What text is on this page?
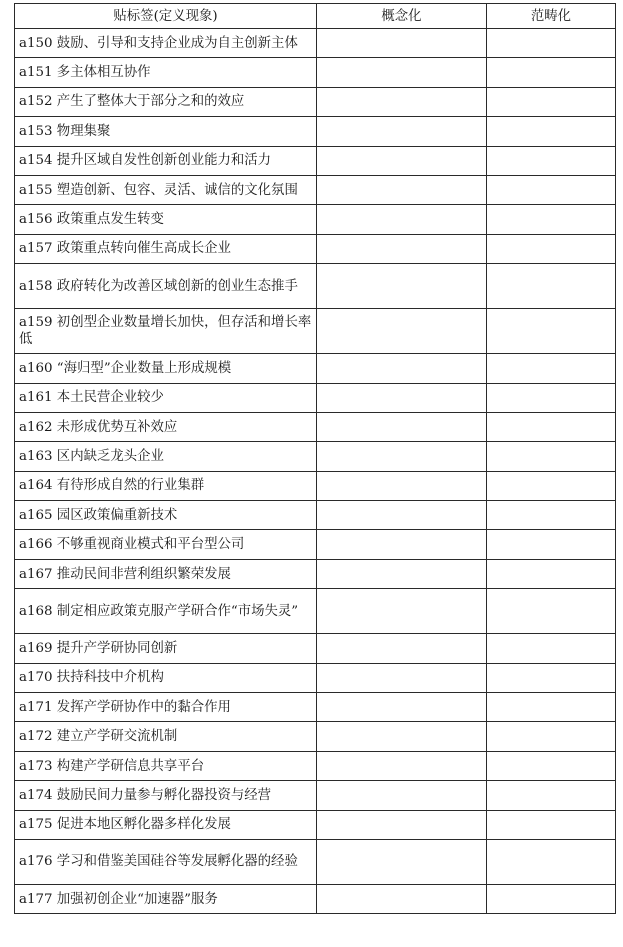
贴标签(定义现象)	概念化	范畴化
a150 鼓励、引导和支持企业成为自主创新主体		
a151 多主体相互协作		
a152 产生了整体大于部分之和的效应		
a153 物理集聚		
a154 提升区域自发性创新创业能力和活力		
a155 塑造创新、包容、灵活、诚信的文化氛围		
a156 政策重点发生转变		
a157 政策重点转向催生高成长企业		
a158 政府转化为改善区域创新的创业生态推手		
a159 初创型企业数量增长加快，但存活和增长率低		
a160 “海归型”企业数量上形成规模		
a161 本土民营企业较少		
a162 未形成优势互补效应		
a163 区内缺乏龙头企业		
a164 有待形成自然的行业集群		
a165 园区政策偏重新技术		
a166 不够重视商业模式和平台型公司		
a167 推动民间非营利组织繁荣发展		
a168 制定相应政策克服产学研合作“市场失灵”		
a169 提升产学研协同创新		
a170 扶持科技中介机构		
a171 发挥产学研协作中的黏合作用		
a172 建立产学研交流机制		
a173 构建产学研信息共享平台		
a174 鼓励民间力量参与孵化器投资与经营		
a175 促进本地区孵化器多样化发展		
a176 学习和借鉴美国硅谷等发展孵化器的经验		
a177 加强初创企业“加速器”服务		
